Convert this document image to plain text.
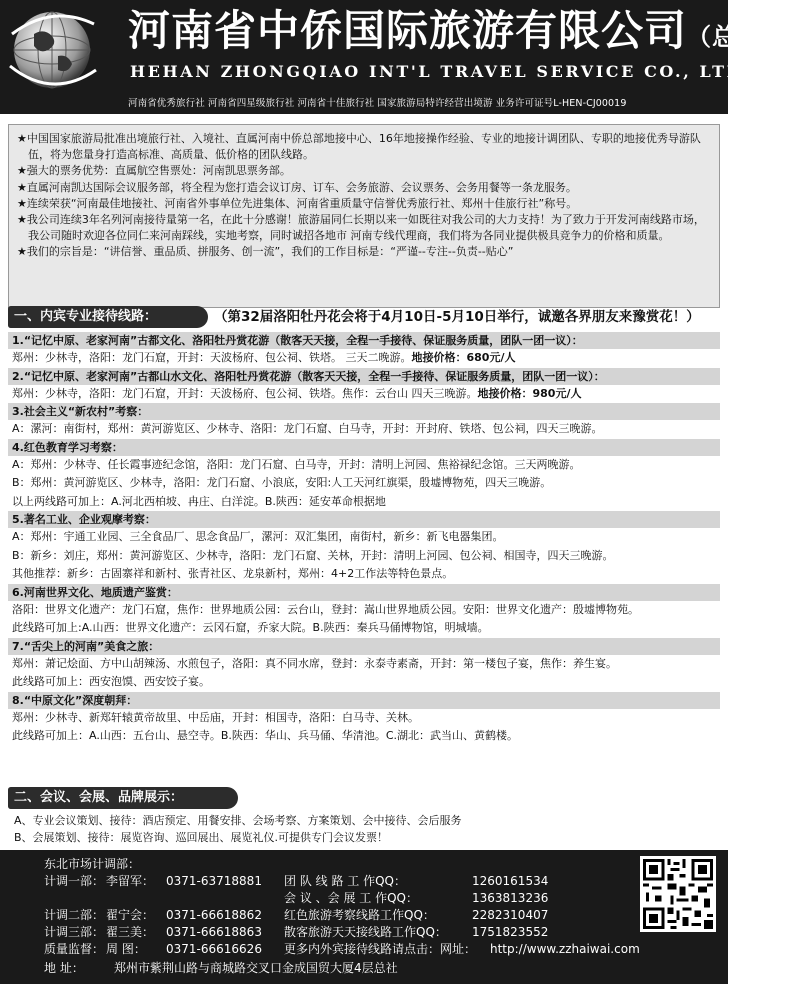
河南省中侨国际旅游有限公司（总社）
HEHAN ZHONGQIAO INT'L TRAVEL SERVICE CO., LTD
河南省优秀旅行社 河南省四星级旅行社 河南省十佳旅行社 国家旅游局特许经营出境游 业务许可证号L-HEN-CJ00019

★中国国家旅游局批准出境旅行社、入境社、直属河南中侨总部地接中心、16年地接操作经验、专业的地接计调团队、专职的地接优秀导游队伍，将为您量身打造高标准、高质量、低价格的团队线路。

★强大的票务优势：直属航空售票处：河南凯思票务部。

★直属河南凯达国际会议服务部，将全程为您打造会议订房、订车、会务旅游、会议票务、会务用餐等一条龙服务。

★连续荣获“河南最佳地接社、河南省外事单位先进集体、河南省重质量守信誉优秀旅行社、郑州十佳旅行社”称号。

★我公司连续3年名列河南接待量第一名，在此十分感谢！旅游届同仁长期以来一如既往对我公司的大力支持！为了致力于开发河南线路市场，我公司随时欢迎各位同仁来河南踩线，实地考察，同时诚招各地市 河南专线代理商，我们将为各同业提供极具竞争力的价格和质量。

★我们的宗旨是：“讲信誉、重品质、拼服务、创一流”，我们的工作目标是：“严谨--专注--负责--贴心”

一、内宾专业接待线路：	（第32届洛阳牡丹花会将于4月10日-5月10日举行，诚邀各界朋友来豫赏花！）
1.“记忆中原、老家河南”古都文化、洛阳牡丹赏花游（散客天天接，全程一手接待、保证服务质量，团队一团一议）：
郑州：少林寺，洛阳：龙门石窟，开封：天波杨府、包公祠、铁塔。 三天二晚游。地接价格：680元/人
2.“记忆中原、老家河南”古都山水文化、洛阳牡丹赏花游（散客天天接，全程一手接待、保证服务质量，团队一团一议）：
郑州：少林寺，洛阳：龙门石窟，开封：天波杨府、包公祠、铁塔。焦作：云台山 四天三晚游。地接价格：980元/人
3.社会主义“新农村”考察：
A：漯河：南街村，郑州：黄河游览区、少林寺、洛阳：龙门石窟、白马寺，开封：开封府、铁塔、包公祠，四天三晚游。
4.红色教育学习考察：
A：郑州：少林寺、任长霞事迹纪念馆，洛阳：龙门石窟、白马寺，开封：清明上河园、焦裕禄纪念馆。三天两晚游。
B：郑州：黄河游览区、少林寺，洛阳：龙门石窟、小浪底，安阳:人工天河红旗渠，殷墟博物苑，四天三晚游。
以上两线路可加上：A.河北西柏坡、冉庄、白洋淀。B.陕西：延安革命根据地
5.著名工业、企业观摩考察：
A：郑州：宇通工业园、三全食品厂、思念食品厂，漯河：双汇集团，南街村，新乡：新飞电器集团。
B：新乡：刘庄，郑州：黄河游览区、少林寺，洛阳：龙门石窟、关林，开封：清明上河园、包公祠、相国寺，四天三晚游。
其他推荐：新乡：古固寨祥和新村、张青社区、龙泉新村，郑州：4+2工作法等特色景点。
6.河南世界文化、地质遗产鉴赏：
洛阳：世界文化遗产：龙门石窟，焦作：世界地质公园：云台山，登封：嵩山世界地质公园。安阳：世界文化遗产：殷墟博物苑。
此线路可加上:A.山西：世界文化遗产：云冈石窟，乔家大院。B.陕西：秦兵马俑博物馆，明城墙。
7.“舌尖上的河南”美食之旅：
郑州：萧记烩面、方中山胡辣汤、水煎包子，洛阳：真不同水席，登封：永泰寺素斋，开封：第一楼包子宴，焦作：养生宴。
此线路可加上：西安泡馍、西安饺子宴。
8.“中原文化”深度朝拜：
郑州：少林寺、新郑轩辕黄帝故里、中岳庙，开封：相国寺，洛阳：白马寺、关林。
此线路可加上：A.山西：五台山、悬空寺。B.陕西：华山、兵马俑、华清池。C.湖北：武当山、黄鹤楼。
二、会议、会展、品牌展示：
A、专业会议策划、接待：酒店预定、用餐安排、会场考察、方案策划、会中接待、会后服务
B、会展策划、接待：展览咨询、巡回展出、展览礼仪.可提供专门会议发票！
东北市场计调部：
计调一部： 李留军： 0371-63718881 团 队 线 路 工 作QQ：	1260161534
会 议 、会 展 工 作QQ：	1363813236
计调二部： 翟宁会： 0371-66618862 红色旅游考察线路工作QQ：	2282310407
计调三部： 翟三美： 0371-66618863 散客旅游天天接线路工作QQ： 1751823552
质量监督： 周 图： 0371-66616626 更多内外宾接待线路请点击：网址： http://www.zzhaiwai.com
地 址：	郑州市紫荆山路与商城路交叉口金成国贸大厦4层总社
